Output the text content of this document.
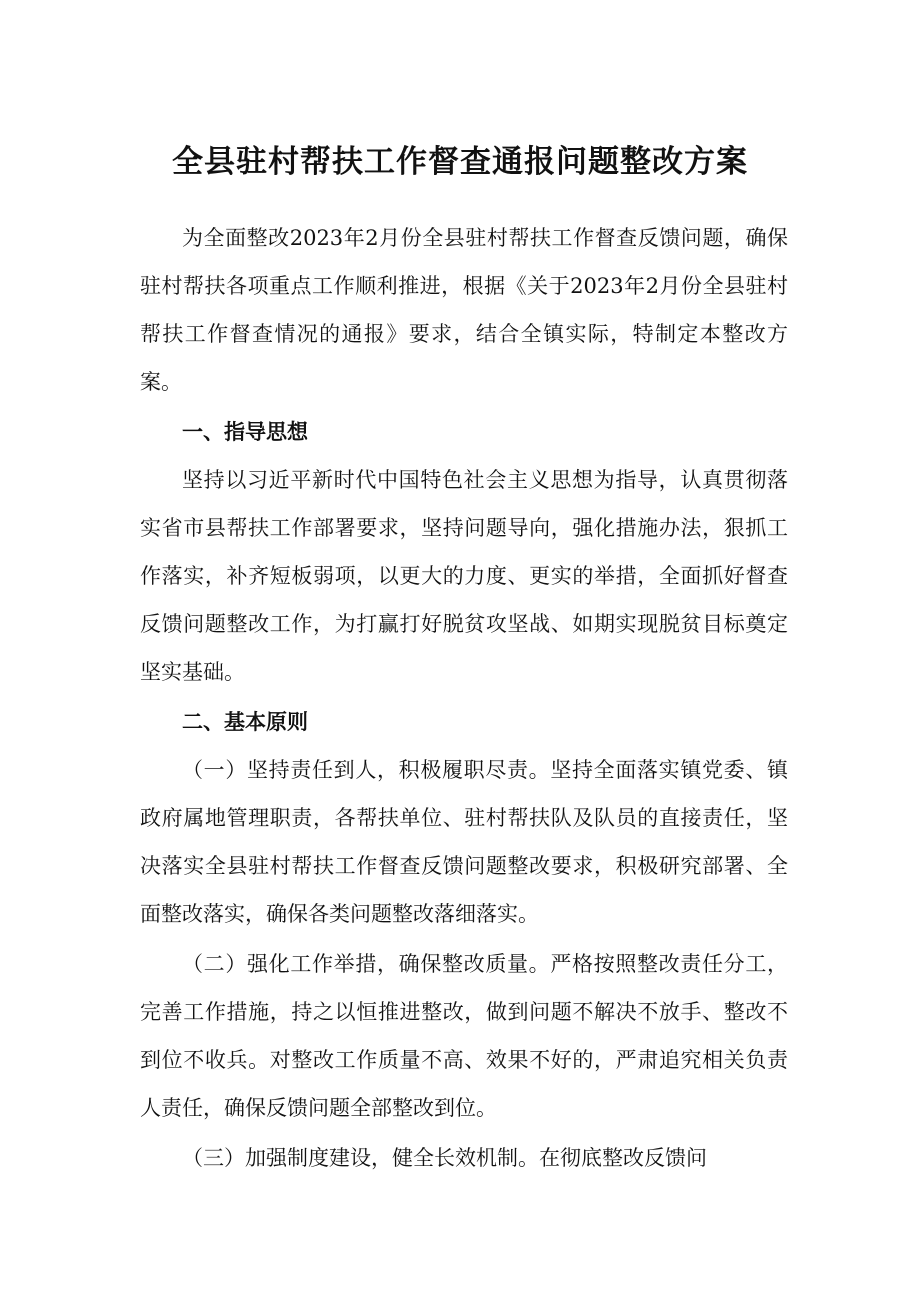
全县驻村帮扶工作督查通报问题整改方案

为全面整改2023年2月份全县驻村帮扶工作督查反馈问题，确保驻村帮扶各项重点工作顺利推进，根据《关于2023年2月份全县驻村帮扶工作督查情况的通报》要求，结合全镇实际，特制定本整改方案。

一、指导思想

坚持以习近平新时代中国特色社会主义思想为指导，认真贯彻落实省市县帮扶工作部署要求，坚持问题导向，强化措施办法，狠抓工作落实，补齐短板弱项，以更大的力度、更实的举措，全面抓好督查反馈问题整改工作，为打赢打好脱贫攻坚战、如期实现脱贫目标奠定坚实基础。

二、基本原则

（一）坚持责任到人，积极履职尽责。坚持全面落实镇党委、镇政府属地管理职责，各帮扶单位、驻村帮扶队及队员的直接责任，坚决落实全县驻村帮扶工作督查反馈问题整改要求，积极研究部署、全面整改落实，确保各类问题整改落细落实。

（二）强化工作举措，确保整改质量。严格按照整改责任分工，完善工作措施，持之以恒推进整改，做到问题不解决不放手、整改不到位不收兵。对整改工作质量不高、效果不好的，严肃追究相关负责人责任，确保反馈问题全部整改到位。

（三）加强制度建设，健全长效机制。在彻底整改反馈问
